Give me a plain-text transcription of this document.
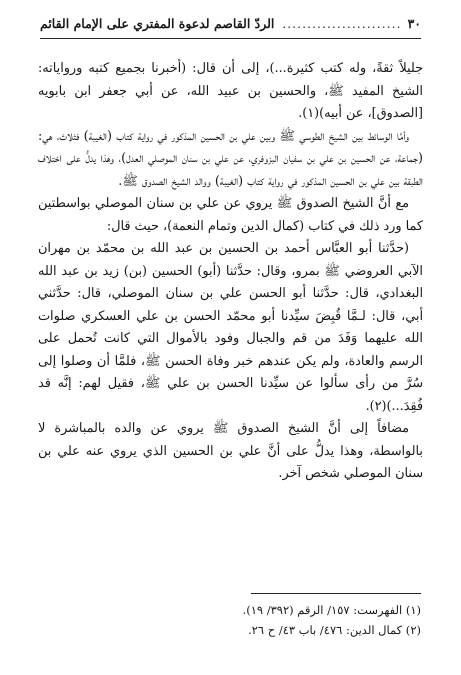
٣٠
.....
الردّ القاصم لدعوة المفتري على الإمام القائم

جليلاً ثقةً، وله كتب كثيرة...)، إلى أن قال: (أخبرنا بجميع كتبه ورواياته: الشيخ المفيد ﷺ، والحسين بن عبيد الله، عن أبي جعفر ابن بابويه [الصدوق]، عن أبيه)(١).

وأمَّا الوسائط بين الشيخ الطوسي ﷺ وبين علي بن الحسين المذكور في رواية كتاب (الغيبة) فثلاث، هي: (جماعة، عن الحسين بن علي بن سفيان البزوفري، عن علي بن سنان الموصلي العدل)، وهذا يدلُّ على اختلاف الطبقة بين علي بن الحسين المذكور في رواية كتاب (الغيبة) ووالد الشيخ الصدوق ﷺ.

مع أنَّ الشيخ الصدوق ﷺ يروي عن علي بن سنان الموصلي بواسطتين كما ورد ذلك في كتاب (كمال الدين وتمام النعمة)، حيث قال:

(حدَّثنا أبو العبَّاس أحمد بن الحسين بن عبد الله بن محمّد بن مهران الآبي العروضي ﷺ بمرو، وقال: حدَّثنا (أبو) الحسين (بن) زيد بن عبد الله البغدادي، قال: حدَّثنا أبو الحسن علي بن سنان الموصلي، قال: حدَّثني أبي، قال: لـمَّا قُبِضَ سيِّدنا أبو محمّد الحسن بن علي العسكري صلوات الله عليهما وَفَدَ من قم والجبال وفود بالأموال التي كانت تُحمل على الرسم والعادة، ولم يكن عندهم خبر وفاة الحسن ﷺ، فلمَّا أن وصلوا إلى سُرَّ من رأى سألوا عن سيِّدنا الحسن بن علي ﷺ، فقيل لهم: إنَّه قد فُقِدَ...)(٢).

مضافاً إلى أنَّ الشيخ الصدوق ﷺ يروي عن والده بالمباشرة لا بالواسطة، وهذا يدلُّ على أنَّ علي بن الحسين الذي يروي عنه علي بن سنان الموصلي شخص آخر.

(١) الفهرست: ١٥٧/ الرقم (٣٩٢/ ١٩).
(٢) كمال الدين: ٤٧٦/ باب ٤٣/ ح ٢٦.
